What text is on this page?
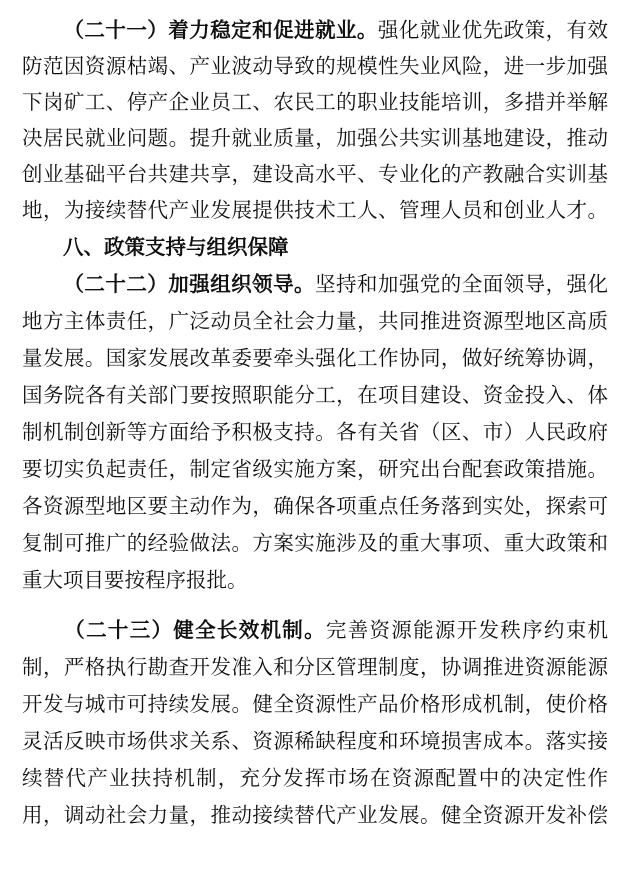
（二十一）着力稳定和促进就业。强化就业优先政策，有效
防范因资源枯竭、产业波动导致的规模性失业风险，进一步加强
下岗矿工、停产企业员工、农民工的职业技能培训，多措并举解
决居民就业问题。提升就业质量，加强公共实训基地建设，推动
创业基础平台共建共享，建设高水平、专业化的产教融合实训基
地，为接续替代产业发展提供技术工人、管理人员和创业人才。
八、政策支持与组织保障
（二十二）加强组织领导。坚持和加强党的全面领导，强化
地方主体责任，广泛动员全社会力量，共同推进资源型地区高质
量发展。国家发展改革委要牵头强化工作协同，做好统筹协调，
国务院各有关部门要按照职能分工，在项目建设、资金投入、体
制机制创新等方面给予积极支持。各有关省（区、市）人民政府
要切实负起责任，制定省级实施方案，研究出台配套政策措施。
各资源型地区要主动作为，确保各项重点任务落到实处，探索可
复制可推广的经验做法。方案实施涉及的重大事项、重大政策和
重大项目要按程序报批。
（二十三）健全长效机制。完善资源能源开发秩序约束机
制，严格执行勘查开发准入和分区管理制度，协调推进资源能源
开发与城市可持续发展。健全资源性产品价格形成机制，使价格
灵活反映市场供求关系、资源稀缺程度和环境损害成本。落实接
续替代产业扶持机制，充分发挥市场在资源配置中的决定性作
用，调动社会力量，推动接续替代产业发展。健全资源开发补偿
